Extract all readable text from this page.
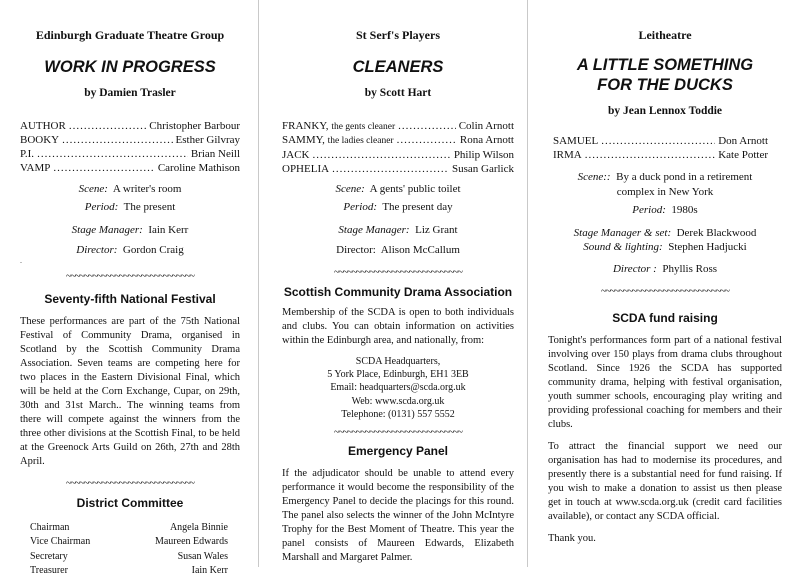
.
Edinburgh Graduate Theatre Group
WORK IN PROGRESS
by Damien Trasler
AUTHOR .....	Christopher Barbour
BOOKY .....	Esther Gilvray
P.I. .....	Brian Neill
VAMP .....	Caroline Mathison
Scene: A writer's room
Period: The present
Stage Manager: Iain Kerr
Director: Gordon Craig
~~~~~~~~~~~~~~~~~~~~~~~~~~~~~
Seventy-fifth National Festival
These performances are part of the 75th National Festival of Community Drama, organised in Scotland by the Scottish Community Drama Association. Seven teams are competing here for two places in the Eastern Divisional Final, which will be held at the Corn Exchange, Cupar, on 29th, 30th and 31st March.. The winning teams from there will compete against the winners from the three other divisions at the Scottish Final, to be held at the Greenock Arts Guild on 26th, 27th and 28th April.
~~~~~~~~~~~~~~~~~~~~~~~~~~~~~
District Committee
Chairman	Angela Binnie
Vice Chairman	Maureen Edwards
Secretary	Susan Wales
Treasurer	Iain Kerr
St Serf's Players
CLEANERS
by Scott Hart
FRANKY, the gents cleaner .....	Colin Arnott
SAMMY, the ladies cleaner .....	Rona Arnott
JACK .....	Philip Wilson
OPHELIA .....	Susan Garlick
Scene: A gents' public toilet
Period: The present day
Stage Manager: Liz Grant
Director: Alison McCallum
~~~~~~~~~~~~~~~~~~~~~~~~~~~~~
Scottish Community Drama Association
Membership of the SCDA is open to both individuals and clubs. You can obtain information on activities within the Edinburgh area, and nationally, from:
SCDA Headquarters,
5 York Place, Edinburgh, EH1 3EB
Email: headquarters@scda.org.uk
Web: www.scda.org.uk
Telephone: (0131) 557 5552
~~~~~~~~~~~~~~~~~~~~~~~~~~~~~
Emergency Panel
If the adjudicator should be unable to attend every performance it would become the responsibility of the Emergency Panel to decide the placings for this round. The panel also selects the winner of the John McIntyre Trophy for the Best Moment of Theatre. This year the panel consists of Maureen Edwards, Elizabeth Marshall and Margaret Palmer.
Leitheatre
A LITTLE SOMETHING
FOR THE DUCKS
by Jean Lennox Toddie
SAMUEL .....	Don Arnott
IRMA .....	Kate Potter
Scene:: By a duck pond in a retirement complex in New York
Period: 1980s
Stage Manager & set: Derek Blackwood
Sound & lighting: Stephen Hadjucki
Director : Phyllis Ross
~~~~~~~~~~~~~~~~~~~~~~~~~~~~~
SCDA fund raising
Tonight's performances form part of a national festival involving over 150 plays from drama clubs throughout Scotland. Since 1926 the SCDA has supported community drama, helping with festival organisation, youth summer schools, encouraging play writing and providing professional coaching for members and their clubs.
To attract the financial support we need our organisation has had to modernise its procedures, and presently there is a substantial need for fund raising. If you wish to make a donation to assist us then please get in touch at www.scda.org.uk (credit card facilities available), or contact any SCDA official.
Thank you.
